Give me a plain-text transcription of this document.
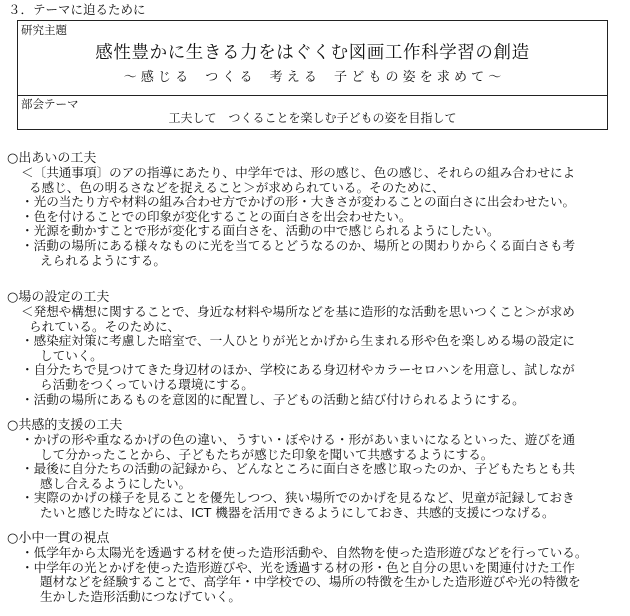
３．テーマに迫るために
研究主題
感性豊かに生きる力をはぐくむ図画工作科学習の創造
～ 感 じ る　 つ く る　 考 え る　 子 ど も の 姿 を 求 め て ～
部会テーマ
工夫して　つくることを楽しむ子どもの姿を目指して
○出あいの工夫
＜〔共通事項〕のアの指導にあたり、中学年では、形の感じ、色の感じ、それらの組み合わせによ
る感じ、色の明るさなどを捉えること＞が求められている。そのために、
・光の当たり方や材料の組み合わせ方でかげの形・大きさが変わることの面白さに出会わせたい。
・色を付けることでの印象が変化することの面白さを出会わせたい。
・光源を動かすことで形が変化する面白さを、活動の中で感じられるようにしたい。
・活動の場所にある様々なものに光を当てるとどうなるのか、場所との関わりからくる面白さも考
えられるようにする。
○場の設定の工夫
＜発想や構想に関することで、身近な材料や場所などを基に造形的な活動を思いつくこと＞が求め
られている。そのために、
・感染症対策に考慮した暗室で、一人ひとりが光とかげから生まれる形や色を楽しめる場の設定に
していく。
・自分たちで見つけてきた身辺材のほか、学校にある身辺材やカラーセロハンを用意し、試しなが
ら活動をつくっていける環境にする。
・活動の場所にあるものを意図的に配置し、子どもの活動と結び付けられるようにする。
○共感的支援の工夫
・かげの形や重なるかげの色の違い、うすい・ぼやける・形があいまいになるといった、遊びを通
して分かったことから、子どもたちが感じた印象を聞いて共感するようにする。
・最後に自分たちの活動の記録から、どんなところに面白さを感じ取ったのか、子どもたちとも共
感し合えるようにしたい。
・実際のかげの様子を見ることを優先しつつ、狭い場所でのかげを見るなど、児童が記録しておき
たいと感じた時などには、ICT 機器を活用できるようにしておき、共感的支援につなげる。
○小中一貫の視点
・低学年から太陽光を透過する材を使った造形活動や、自然物を使った造形遊びなどを行っている。
・中学年の光とかげを使った造形遊びや、光を透過する材の形・色と自分の思いを関連付けた工作
題材などを経験することで、高学年・中学校での、場所の特徴を生かした造形遊びや光の特徴を
生かした造形活動につなげていく。
